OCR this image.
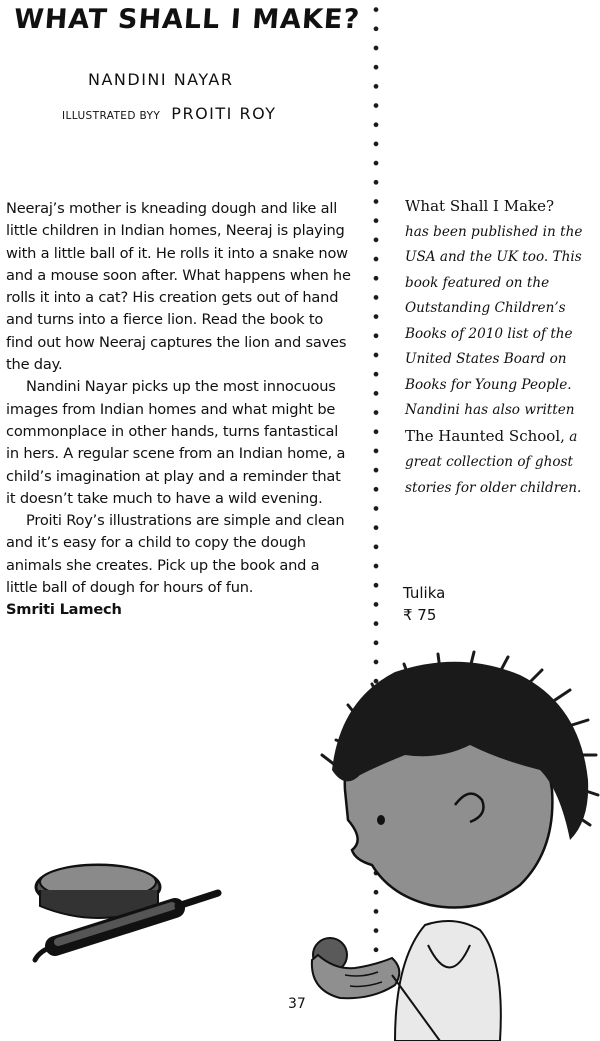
WHAT SHALL I MAKE?
NANDINI NAYAR
ILLUSTRATED BYY PROITI ROY

Neeraj’s mother is kneading dough and like all little children in Indian homes, Neeraj is playing with a little ball of it. He rolls it into a snake now and a mouse soon after. What happens when he rolls it into a cat? His creation gets out of hand and turns into a fierce lion. Read the book to find out how Neeraj captures the lion and saves the day.

Nandini Nayar picks up the most innocuous images from Indian homes and what might be commonplace in other hands, turns fantastical in hers. A regular scene from an Indian home, a child’s imagination at play and a reminder that it doesn’t take much to have a wild evening.

Proiti Roy’s illustrations are simple and clean and it’s easy for a child to copy the dough animals she creates. Pick up the book and a little ball of dough for hours of fun.

Smriti Lamech

What Shall I Make?

has been published in the USA and the UK too. This book featured on the Outstanding Children’s Books of 2010 list of the United States Board on Books for Young People. Nandini has also written The Haunted School, a great collection of ghost stories for older children.

Tulika
₹ 75
37
